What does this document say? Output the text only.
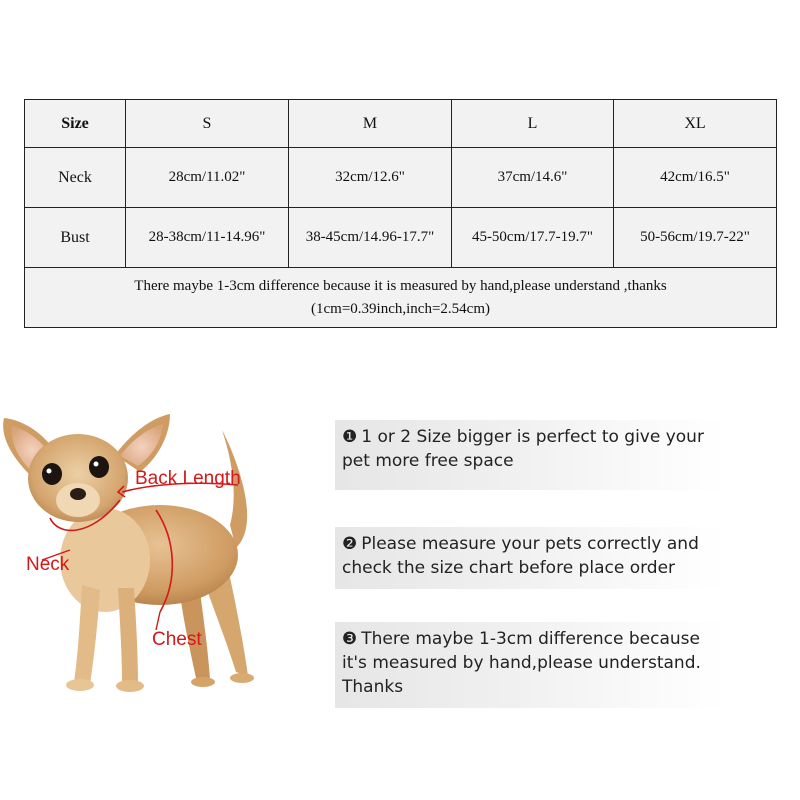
Size	S	M	L	XL
Neck	28cm/11.02"	32cm/12.6"	37cm/14.6"	42cm/16.5"
Bust	28-38cm/11-14.96"	38-45cm/14.96-17.7"	45-50cm/17.7-19.7"	50-56cm/19.7-22"

There maybe 1-3cm difference because it is measured by hand,please understand ,thanks
(1cm=0.39inch,inch=2.54cm)				
Back Length
Neck
Chest
❶ 1 or 2 Size bigger is perfect to give your
pet more free space
❷ Please measure your pets correctly and
check the size chart before place order
❸ There maybe 1-3cm difference because
it's measured by hand,please understand.
Thanks
